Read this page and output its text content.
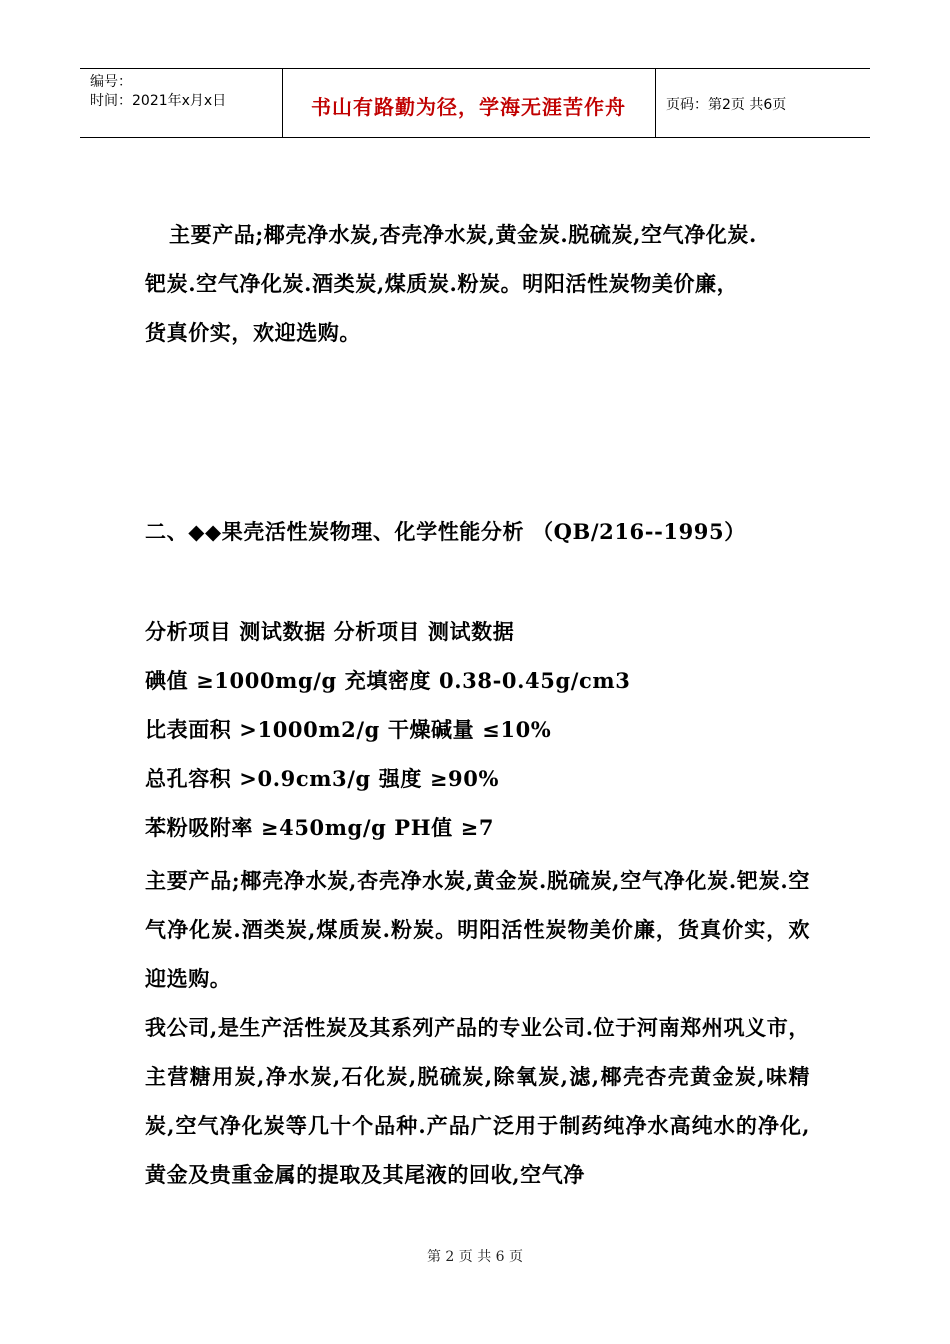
编号：
时间：2021年x月x日	书山有路勤为径，学海无涯苦作舟	页码：第2页 共6页
主要产品;椰壳净水炭,杏壳净水炭,黄金炭.脱硫炭,空气净化炭.
钯炭.空气净化炭.酒类炭,煤质炭.粉炭。明阳活性炭物美价廉，
货真价实，欢迎选购。
二、◆◆果壳活性炭物理、化学性能分析 （QB/216--1995）
分析项目 测试数据 分析项目 测试数据
碘值 ≥1000mg/g 充填密度 0.38-0.45g/cm3
比表面积 >1000m2/g 干燥碱量 ≤10%
总孔容积 >0.9cm3/g 强度 ≥90%
苯粉吸附率 ≥450mg/g PH值 ≥7

主要产品;椰壳净水炭,杏壳净水炭,黄金炭.脱硫炭,空气净化炭.钯炭.空气净化炭.酒类炭,煤质炭.粉炭。明阳活性炭物美价廉，货真价实，欢迎选购。

我公司,是生产活性炭及其系列产品的专业公司.位于河南郑州巩义市，主营糖用炭,净水炭,石化炭,脱硫炭,除氧炭,滤,椰壳杏壳黄金炭,味精炭,空气净化炭等几十个品种.产品广泛用于制药纯净水高纯水的净化,黄金及贵重金属的提取及其尾液的回收,空气净

第 2 页 共 6 页
